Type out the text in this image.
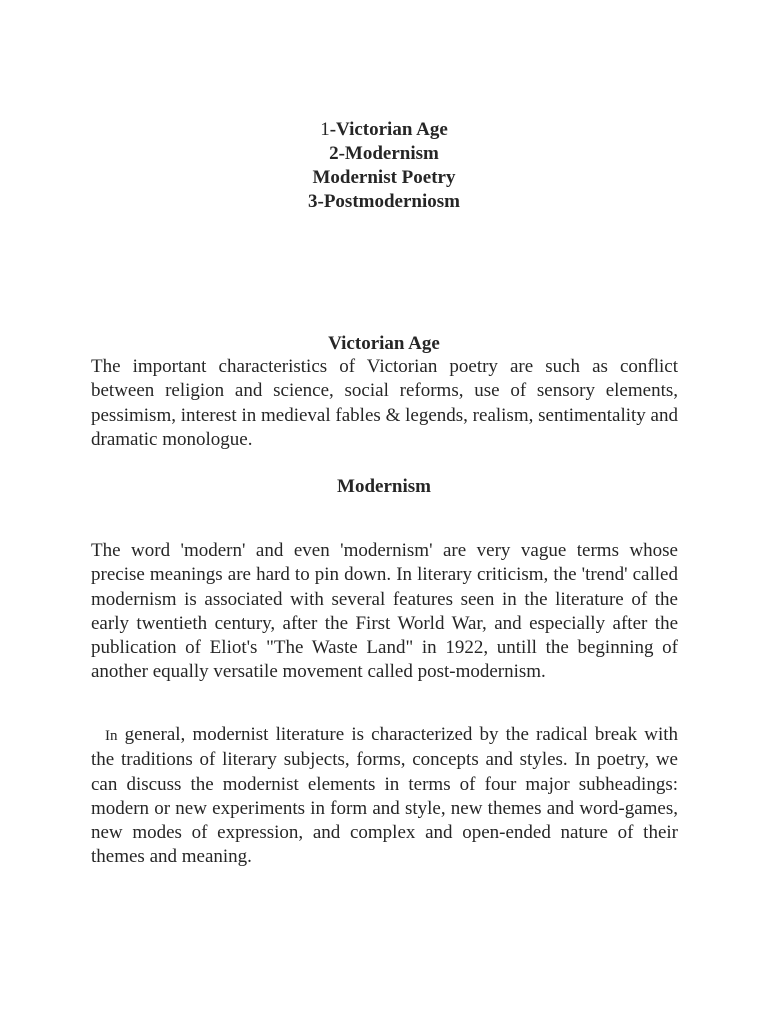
1-Victorian Age
2-Modernism
Modernist Poetry
3-Postmoderniosm
Victorian Age

The important characteristics of Victorian poetry are such as conflict between religion and science, social reforms, use of sensory elements, pessimism, interest in medieval fables & legends, realism, sentimentality and dramatic monologue.

Modernism

The word 'modern' and even 'modernism' are very vague terms whose precise meanings are hard to pin down. In literary criticism, the 'trend' called modernism is associated with several features seen in the literature of the early twentieth century, after the First World War, and especially after the publication of Eliot's "The Waste Land" in 1922, untill the beginning of another equally versatile movement called post-modernism.

In general, modernist literature is characterized by the radical break with the traditions of literary subjects, forms, concepts and styles. In poetry, we can discuss the modernist elements in terms of four major subheadings: modern or new experiments in form and style, new themes and word-games, new modes of expression, and complex and open-ended nature of their themes and meaning.
